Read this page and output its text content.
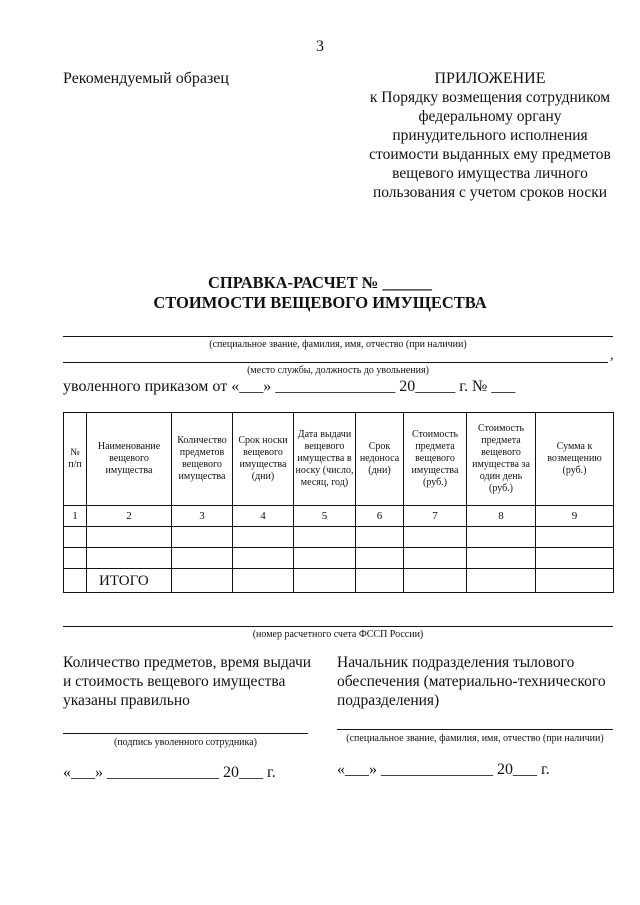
3
Рекомендуемый образец	ПРИЛОЖЕНИЕ
к Порядку возмещения сотрудником
федеральному органу
принудительного исполнения
стоимости выданных ему предметов
вещевого имущества личного
пользования с учетом сроков носки
СПРАВКА-РАСЧЕТ № ______
СТОИМОСТИ ВЕЩЕВОГО ИМУЩЕСТВА
(специальное звание, фамилия, имя, отчество (при наличии)
,
(место службы, должность до увольнения)
уволенного приказом от «___» _______________ 20_____ г. № ___
№ п/п	Наименование вещевого имущества	Количество предметов вещевого имущества	Срок носки вещевого имущества (дни)	Дата выдачи вещевого имущества в носку (число, месяц, год)	Срок недоноса (дни)	Стоимость предмета вещевого имущества (руб.)	Стоимость предмета вещевого имущества за один день (руб.)	Сумма к возмещению (руб.)
1	2	3	4	5	6	7	8	9

	ИТОГО							
(номер расчетного счета ФССП России)
Количество предметов, время выдачи
и стоимость вещевого имущества
указаны правильно
Начальник подразделения тылового
обеспечения (материально-технического
подразделения)
(подпись уволенного сотрудника)	(специальное звание, фамилия, имя, отчество (при наличии)
«___» ______________ 20___ г.	«___» ______________ 20___ г.
